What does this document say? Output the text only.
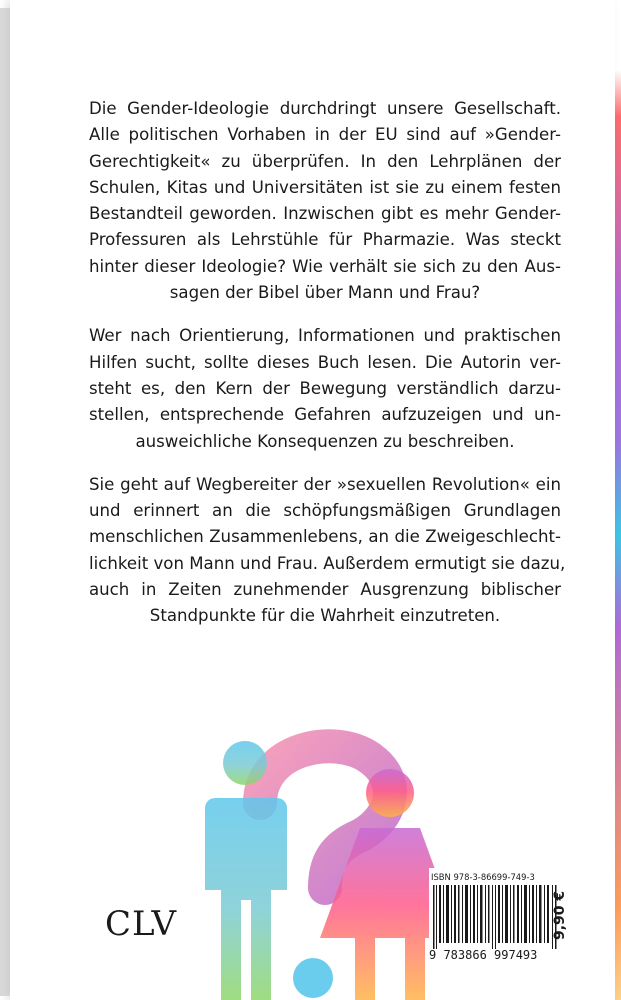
Die Gender-Ideologie durchdringt unsere Gesellschaft.
Alle politischen Vorhaben in der EU sind auf »Gender-
Gerechtigkeit« zu überprüfen. In den Lehrplänen der
Schulen, Kitas und Universitäten ist sie zu einem festen
Bestandteil geworden. Inzwischen gibt es mehr Gender-
Professuren als Lehrstühle für Pharmazie. Was steckt
hinter dieser Ideologie? Wie verhält sie sich zu den Aus-
sagen der Bibel über Mann und Frau?

Wer nach Orientierung, Informationen und praktischen
Hilfen sucht, sollte dieses Buch lesen. Die Autorin ver-
steht es, den Kern der Bewegung verständlich darzu-
stellen, entsprechende Gefahren aufzuzeigen und un-
ausweichliche Konsequenzen zu beschreiben.

Sie geht auf Wegbereiter der »sexuellen Revolution« ein
und erinnert an die schöpfungsmäßigen Grundlagen
menschlichen Zusammenlebens, an die Zweigeschlecht-
lichkeit von Mann und Frau. Außerdem ermutigt sie dazu,
auch in Zeiten zunehmender Ausgrenzung biblischer
Standpunkte für die Wahrheit einzutreten.

CLV
ISBN 978-3-86699-749-3
9 783866 997493
9,90 €
